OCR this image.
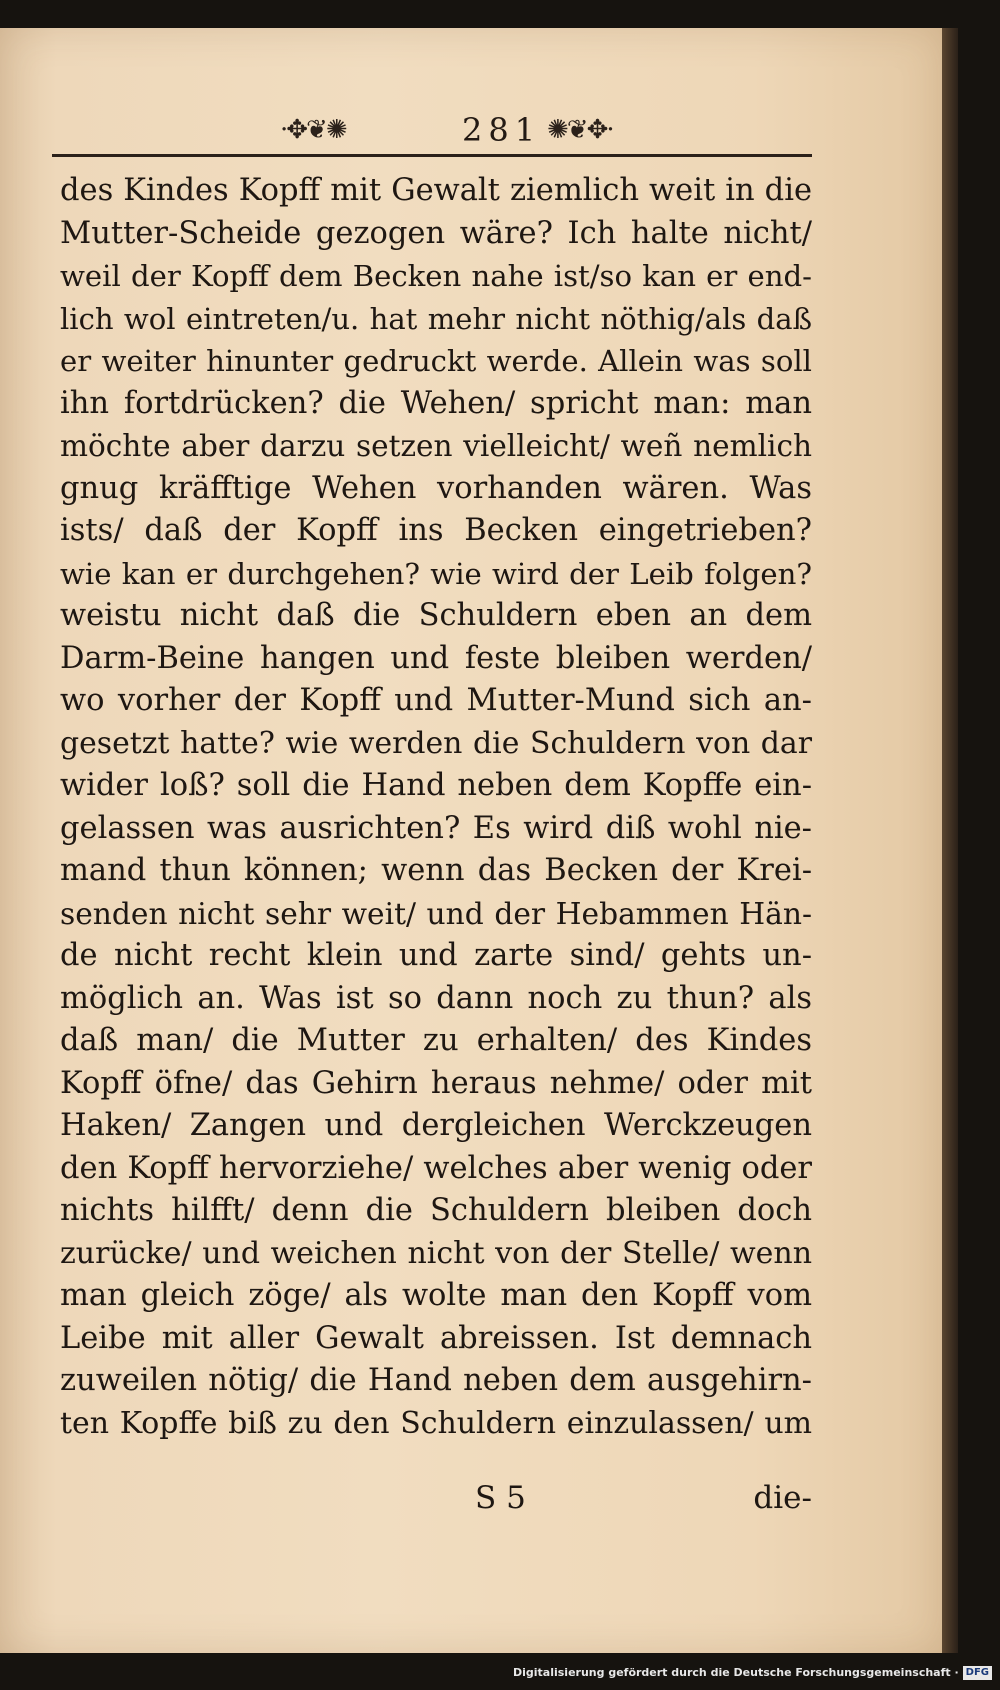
·✥❦✺	281 ✺❦✥·
des Kindes Kopff mit Gewalt ziemlich weit in die
Mutter-Scheide gezogen wäre? Ich halte nicht/
weil der Kopff dem Becken nahe ist/so kan er end-
lich wol eintreten/u. hat mehr nicht nöthig/als daß
er weiter hinunter gedruckt werde. Allein was soll
ihn fortdrücken? die Wehen/ spricht man: man
möchte aber darzu setzen vielleicht/ weñ nemlich
gnug kräfftige Wehen vorhanden wären. Was
ists/ daß der Kopff ins Becken eingetrieben?
wie kan er durchgehen? wie wird der Leib folgen?
weistu nicht daß die Schuldern eben an dem
Darm-Beine hangen und feste bleiben werden/
wo vorher der Kopff und Mutter-Mund sich an-
gesetzt hatte? wie werden die Schuldern von dar
wider loß? soll die Hand neben dem Kopffe ein-
gelassen was ausrichten? Es wird diß wohl nie-
mand thun können; wenn das Becken der Krei-
senden nicht sehr weit/ und der Hebammen Hän-
de nicht recht klein und zarte sind/ gehts un-
möglich an. Was ist so dann noch zu thun? als
daß man/ die Mutter zu erhalten/ des Kindes
Kopff öfne/ das Gehirn heraus nehme/ oder mit
Haken/ Zangen und dergleichen Werckzeugen
den Kopff hervorziehe/ welches aber wenig oder
nichts hilfft/ denn die Schuldern bleiben doch
zurücke/ und weichen nicht von der Stelle/ wenn
man gleich zöge/ als wolte man den Kopff vom
Leibe mit aller Gewalt abreissen. Ist demnach
zuweilen nötig/ die Hand neben dem ausgehirn-
ten Kopffe biß zu den Schuldern einzulassen/ um
S 5	die-
Digitalisierung gefördert durch die Deutsche Forschungsgemeinschaft · DFG
